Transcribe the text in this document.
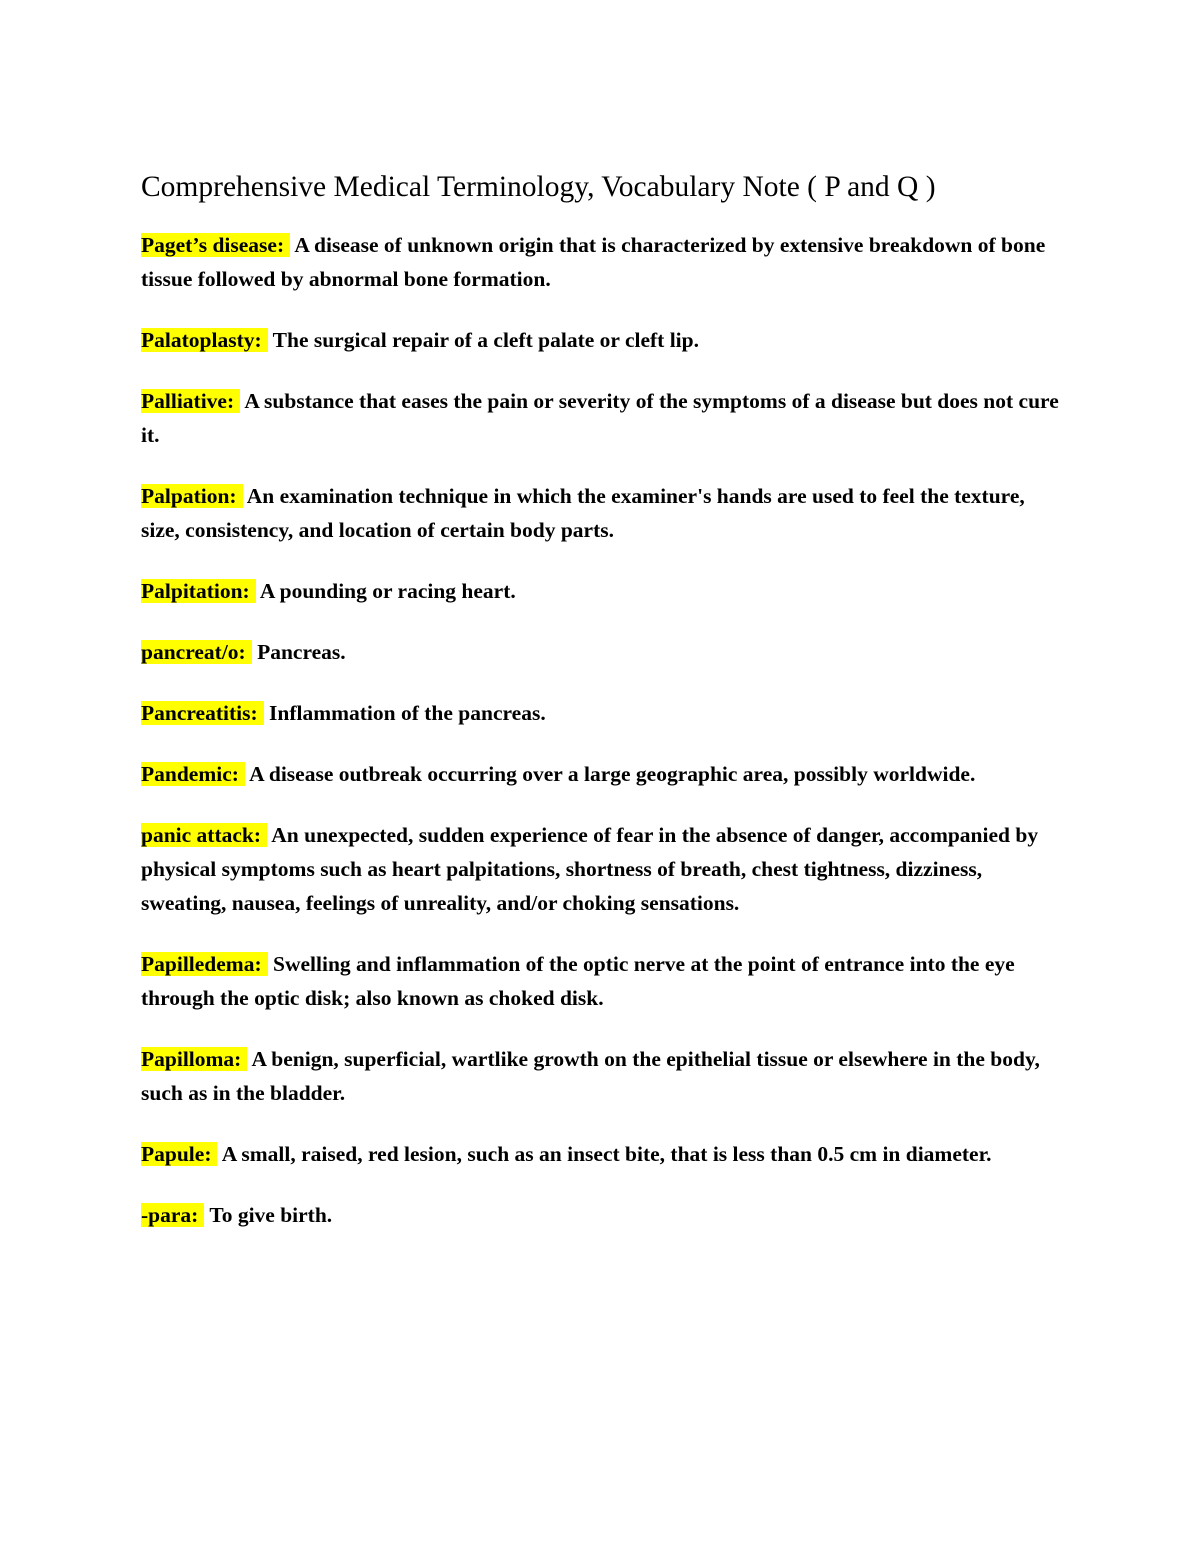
Comprehensive Medical Terminology, Vocabulary Note ( P and Q )

Paget’s disease: A disease of unknown origin that is characterized by extensive breakdown of bone tissue followed by abnormal bone formation.

Palatoplasty: The surgical repair of a cleft palate or cleft lip.

Palliative: A substance that eases the pain or severity of the symptoms of a disease but does not cure it.

Palpation: An examination technique in which the examiner's hands are used to feel the texture, size, consistency, and location of certain body parts.

Palpitation: A pounding or racing heart.

pancreat/o: Pancreas.

Pancreatitis: Inflammation of the pancreas.

Pandemic: A disease outbreak occurring over a large geographic area, possibly worldwide.

panic attack: An unexpected, sudden experience of fear in the absence of danger, accompanied by physical symptoms such as heart palpitations, shortness of breath, chest tightness, dizziness, sweating, nausea, feelings of unreality, and/or choking sensations.

Papilledema: Swelling and inflammation of the optic nerve at the point of entrance into the eye through the optic disk; also known as choked disk.

Papilloma: A benign, superficial, wartlike growth on the epithelial tissue or elsewhere in the body, such as in the bladder.

Papule: A small, raised, red lesion, such as an insect bite, that is less than 0.5 cm in diameter.

-para: To give birth.
